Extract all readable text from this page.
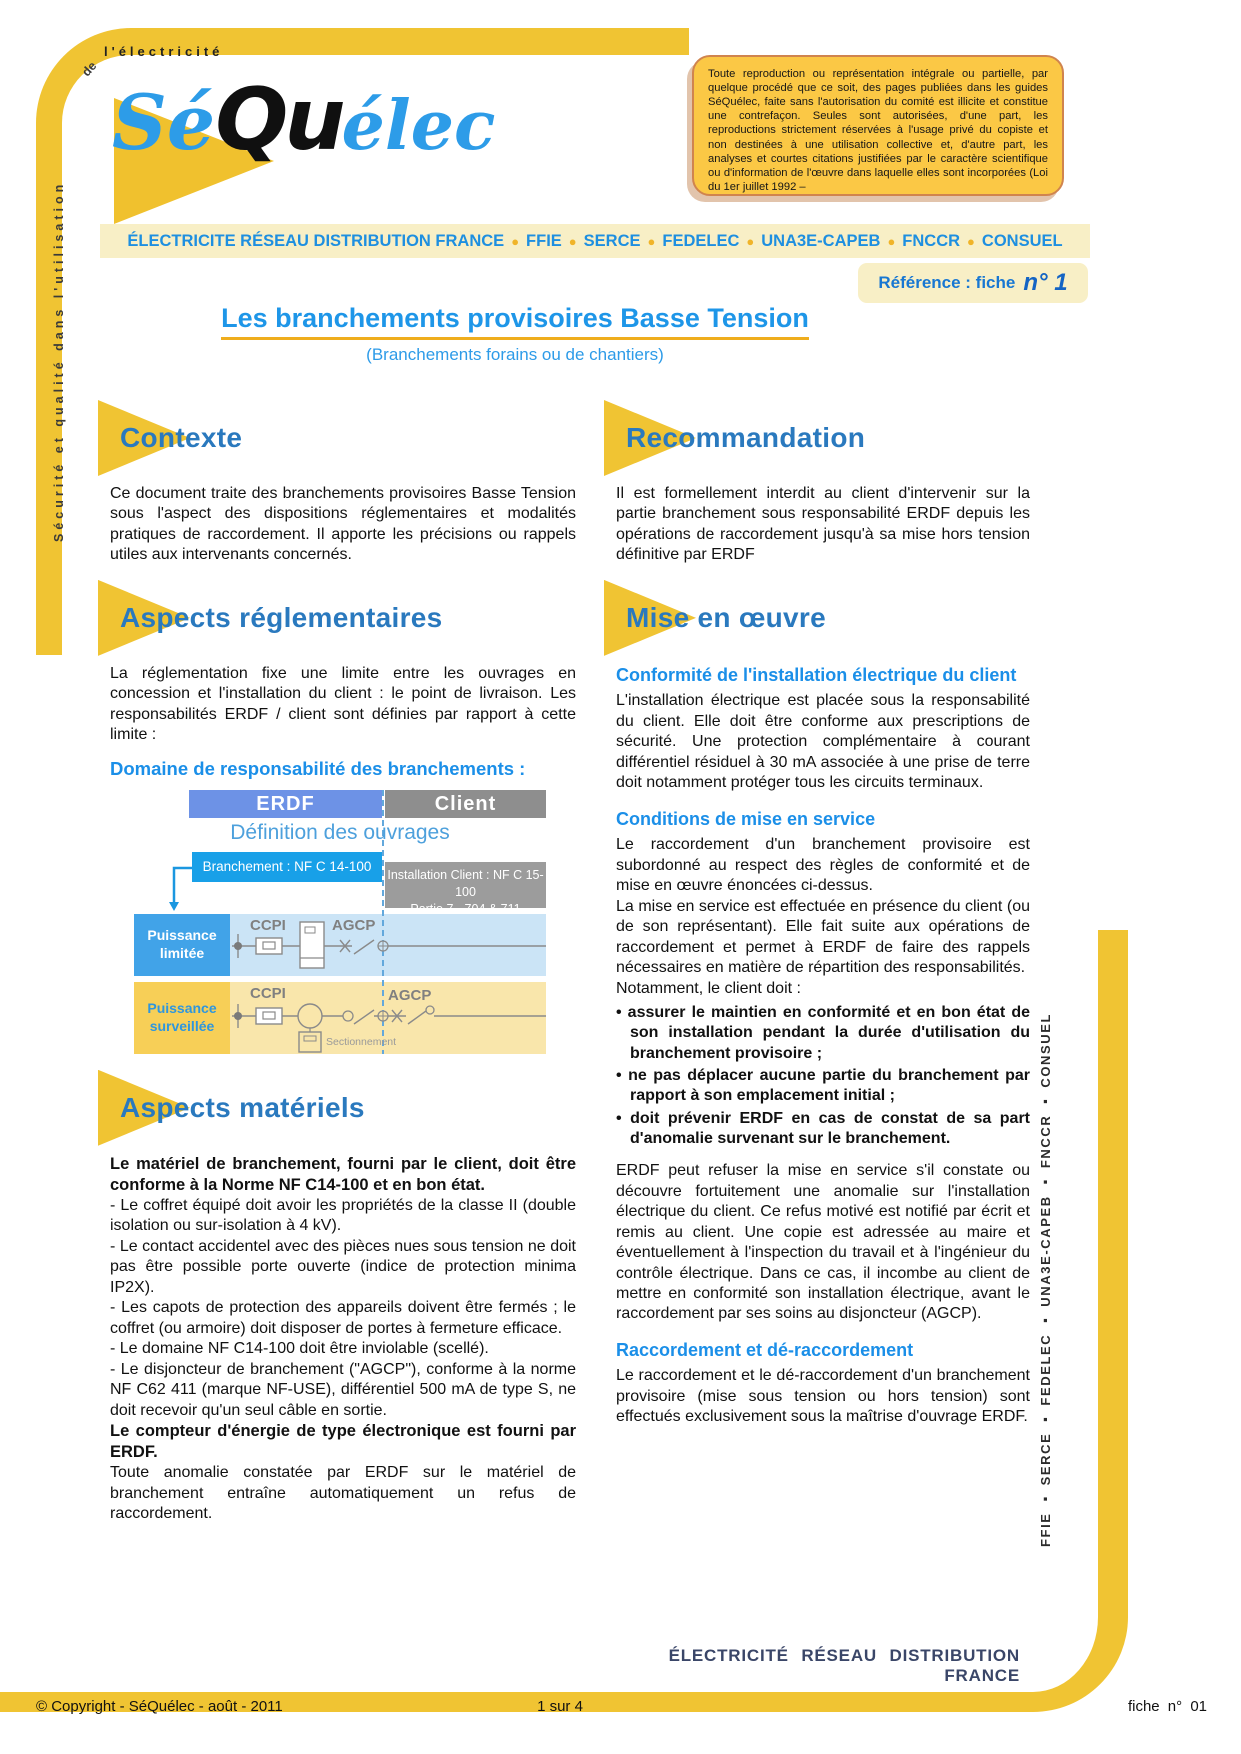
Sécurité et qualité dans l'utilisation
de
l'électricité
SéQuélec
Toute reproduction ou représentation intégrale ou partielle, par quelque procédé que ce soit, des pages publiées dans les guides SéQuélec, faite sans l'autorisation du comité est illicite et constitue une contrefaçon. Seules sont autorisées, d'une part, les reproductions strictement réservées à l'usage privé du copiste et non destinées à une utilisation collective et, d'autre part, les analyses et courtes citations justifiées par le caractère scientifique ou d'information de l'œuvre dans laquelle elles sont incorporées (Loi du 1er juillet 1992 –
ÉLECTRICITE RÉSEAU DISTRIBUTION FRANCE ● FFIE ● SERCE ● FEDELEC ● UNA3E-CAPEB ● FNCCR ● CONSUEL
Référence : fiche n° 1
Les branchements provisoires Basse Tension
(Branchements forains ou de chantiers)
Contexte

Ce document traite des branchements provisoires Basse Tension sous l'aspect des dispositions réglementaires et modalités pratiques de raccordement. Il apporte les précisions ou rappels utiles aux intervenants concernés.

Aspects réglementaires

La réglementation fixe une limite entre les ouvrages en concession et l'installation du client : le point de livraison. Les responsabilités ERDF / client sont définies par rapport à cette limite :

Domaine de responsabilité des branchements :
ERDF	Client
Définition des ouvrages
Branchement : NF C 14-100
Installation Client : NF C 15-100
Partie 7 - 704 & 711
Puissance limitée
Puissance surveillée
CCPI	AGCP
CCPI	AGCP
Sectionnement
Aspects matériels

Le matériel de branchement, fourni par le client, doit être conforme à la Norme NF C14-100 et en bon état.

- Le coffret équipé doit avoir les propriétés de la classe II (double isolation ou sur-isolation à 4 kV).

- Le contact accidentel avec des pièces nues sous tension ne doit pas être possible porte ouverte (indice de protection minima IP2X).

- Les capots de protection des appareils doivent être fermés ; le coffret (ou armoire) doit disposer de portes à fermeture efficace.

- Le domaine NF C14-100 doit être inviolable (scellé).

- Le disjoncteur de branchement ("AGCP"), conforme à la norme NF C62 411 (marque NF-USE), différentiel 500 mA de type S, ne doit recevoir qu'un seul câble en sortie.

Le compteur d'énergie de type électronique est fourni par ERDF.

Toute anomalie constatée par ERDF sur le matériel de branchement entraîne automatiquement un refus de raccordement.

Recommandation

Il est formellement interdit au client d'intervenir sur la partie branchement sous responsabilité ERDF depuis les opérations de raccordement jusqu'à sa mise hors tension définitive par ERDF

Mise en œuvre
Conformité de l'installation électrique du client

L'installation électrique est placée sous la responsabilité du client. Elle doit être conforme aux prescriptions de sécurité. Une protection complémentaire à courant différentiel résiduel à 30 mA associée à une prise de terre doit notamment protéger tous les circuits terminaux.

Conditions de mise en service

Le raccordement d'un branchement provisoire est subordonné au respect des règles de conformité et de mise en œuvre énoncées ci-dessus.

La mise en service est effectuée en présence du client (ou de son représentant). Elle fait suite aux opérations de raccordement et permet à ERDF de faire des rappels nécessaires en matière de répartition des responsabilités.

Notamment, le client doit :

• assurer le maintien en conformité et en bon état de son installation pendant la durée d'utilisation du branchement provisoire ;
• ne pas déplacer aucune partie du branchement par rapport à son emplacement initial ;
• doit prévenir ERDF en cas de constat de sa part d'anomalie survenant sur le branchement.

ERDF peut refuser la mise en service s'il constate ou découvre fortuitement une anomalie sur l'installation électrique du client. Ce refus motivé est notifié par écrit et remis au client. Une copie est adressée au maire et éventuellement à l'inspection du travail et à l'ingénieur du contrôle électrique. Dans ce cas, il incombe au client de mettre en conformité son installation électrique, avant le raccordement par ses soins au disjoncteur (AGCP).

Raccordement et dé-raccordement

Le raccordement et le dé-raccordement d'un branchement provisoire (mise sous tension ou hors tension) sont effectués exclusivement sous la maîtrise d'ouvrage ERDF. FFIE ▪ SERCE ▪ FEDELEC ▪ UNA3E-CAPEB ▪ FNCCR ▪ CONSUEL
ÉLECTRICITÉ RÉSEAU DISTRIBUTION FRANCE
© Copyright - SéQuélec - août - 2011	1 sur 4	fiche n° 01
